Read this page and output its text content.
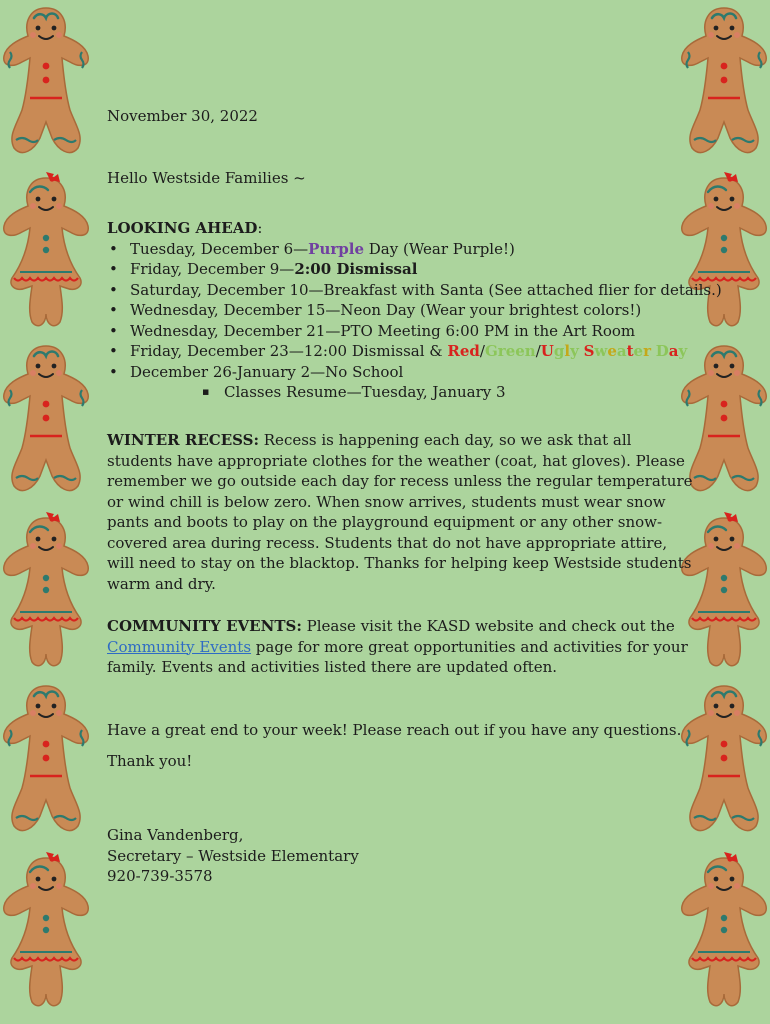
November 30, 2022

Hello Westside Families ~

LOOKING AHEAD:

• Tuesday, December 6—Purple Day (Wear Purple!)
• Friday, December 9—2:00 Dismissal
• Saturday, December 10—Breakfast with Santa (See attached flier for details.)
• Wednesday, December 15—Neon Day (Wear your brightest colors!)
• Wednesday, December 21—PTO Meeting 6:00 PM in the Art Room
• Friday, December 23—12:00 Dismissal & Red/Green/Ugly Sweater Day
• December 26-January 2—No School
▪ Classes Resume—Tuesday, January 3

WINTER RECESS: Recess is happening each day, so we ask that all students have appropriate clothes for the weather (coat, hat gloves). Please remember we go outside each day for recess unless the regular temperature or wind chill is below zero. When snow arrives, students must wear snow pants and boots to play on the playground equipment or any other snow-covered area during recess. Students that do not have appropriate attire, will need to stay on the blacktop. Thanks for helping keep Westside students warm and dry.

COMMUNITY EVENTS: Please visit the KASD website and check out the Community Events page for more great opportunities and activities for your family. Events and activities listed there are updated often.

Have a great end to your week! Please reach out if you have any questions.

Thank you!

Gina Vandenberg,

Secretary – Westside Elementary

920-739-3578
